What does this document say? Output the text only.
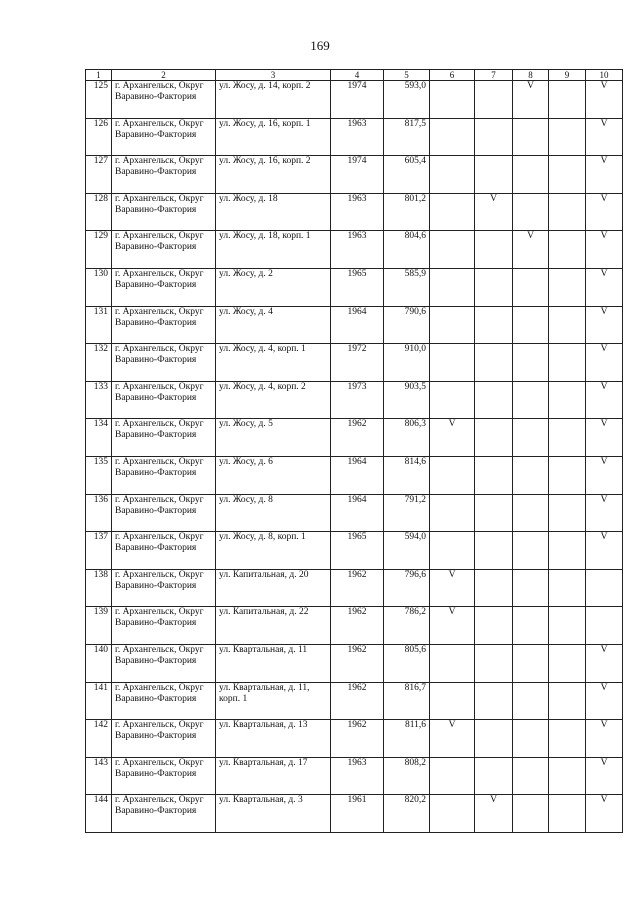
169
1	2	3	4	5	6	7	8	9	10
125	г. Архангельск, Округ Варавино-Фактория	ул. Жосу, д. 14, корп. 2	1974	593,0			V		V
126	г. Архангельск, Округ Варавино-Фактория	ул. Жосу, д. 16, корп. 1	1963	817,5					V
127	г. Архангельск, Округ Варавино-Фактория	ул. Жосу, д. 16, корп. 2	1974	605,4					V
128	г. Архангельск, Округ Варавино-Фактория	ул. Жосу, д. 18	1963	801,2		V			V
129	г. Архангельск, Округ Варавино-Фактория	ул. Жосу, д. 18, корп. 1	1963	804,6			V		V
130	г. Архангельск, Округ Варавино-Фактория	ул. Жосу, д. 2	1965	585,9					V
131	г. Архангельск, Округ Варавино-Фактория	ул. Жосу, д. 4	1964	790,6					V
132	г. Архангельск, Округ Варавино-Фактория	ул. Жосу, д. 4, корп. 1	1972	910,0					V
133	г. Архангельск, Округ Варавино-Фактория	ул. Жосу, д. 4, корп. 2	1973	903,5					V
134	г. Архангельск, Округ Варавино-Фактория	ул. Жосу, д. 5	1962	806,3	V				V
135	г. Архангельск, Округ Варавино-Фактория	ул. Жосу, д. 6	1964	814,6					V
136	г. Архангельск, Округ Варавино-Фактория	ул. Жосу, д. 8	1964	791,2					V
137	г. Архангельск, Округ Варавино-Фактория	ул. Жосу, д. 8, корп. 1	1965	594,0					V
138	г. Архангельск, Округ Варавино-Фактория	ул. Капитальная, д. 20	1962	796,6	V				
139	г. Архангельск, Округ Варавино-Фактория	ул. Капитальная, д. 22	1962	786,2	V				
140	г. Архангельск, Округ Варавино-Фактория	ул. Квартальная, д. 11	1962	805,6					V
141	г. Архангельск, Округ Варавино-Фактория	ул. Квартальная, д. 11, корп. 1	1962	816,7					V
142	г. Архангельск, Округ Варавино-Фактория	ул. Квартальная, д. 13	1962	811,6	V				V
143	г. Архангельск, Округ Варавино-Фактория	ул. Квартальная, д. 17	1963	808,2					V
144	г. Архангельск, Округ Варавино-Фактория	ул. Квартальная, д. 3	1961	820,2		V			V
